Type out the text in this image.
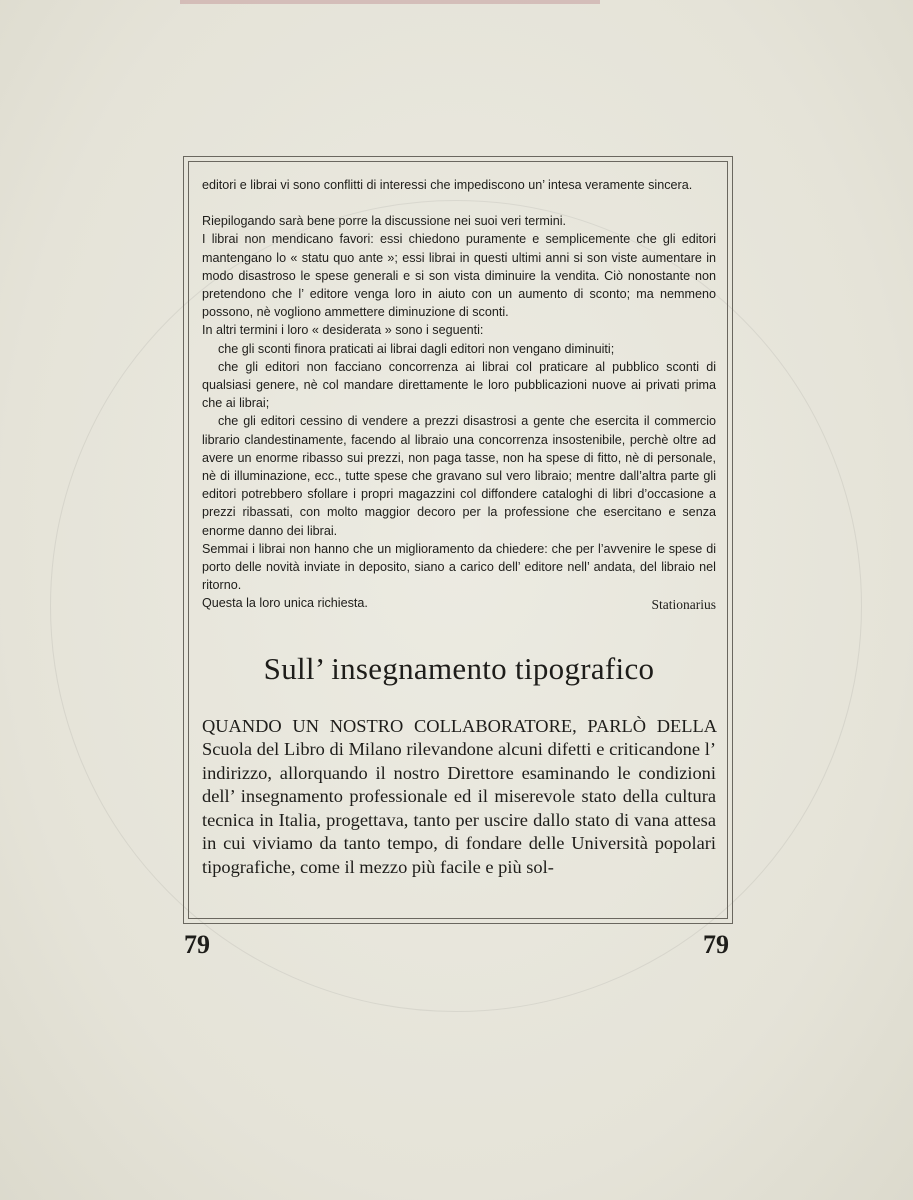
editori e librai vi sono conflitti di interessi che impediscono un’ intesa veramente sincera.

Riepilogando sarà bene porre la discussione nei suoi veri termini.

I librai non mendicano favori: essi chiedono puramente e semplicemente che gli editori mantengano lo « statu quo ante »; essi librai in questi ultimi anni si son viste aumentare in modo disastroso le spese generali e si son vista diminuire la vendita. Ciò nonostante non pretendono che l’ editore venga loro in aiuto con un aumento di sconto; ma nemmeno possono, nè vogliono ammettere diminuzione di sconti.

In altri termini i loro « desiderata » sono i seguenti:

che gli sconti finora praticati ai librai dagli editori non vengano diminuiti;

che gli editori non facciano concorrenza ai librai col praticare al pubblico sconti di qualsiasi genere, nè col mandare direttamente le loro pubblicazioni nuove ai privati prima che ai librai;

che gli editori cessino di vendere a prezzi disastrosi a gente che esercita il commercio librario clandestinamente, facendo al libraio una concorrenza insostenibile, perchè oltre ad avere un enorme ribasso sui prezzi, non paga tasse, non ha spese di fitto, nè di personale, nè di illuminazione, ecc., tutte spese che gravano sul vero libraio; mentre dall’altra parte gli editori potrebbero sfollare i propri magazzini col diffondere cataloghi di libri d’occasione a prezzi ribassati, con molto maggior decoro per la professione che esercitano e senza enorme danno dei librai.

Semmai i librai non hanno che un miglioramento da chiedere: che per l’avvenire le spese di porto delle novità inviate in deposito, siano a carico dell’ editore nell’ andata, del libraio nel ritorno.

Questa la loro unica richiesta.	Stationarius
Sull’ insegnamento tipografico

QUANDO UN NOSTRO COLLABORATORE, PARLÒ DELLA Scuola del Libro di Milano rilevandone alcuni difetti e criticandone l’ indirizzo, allorquando il nostro Direttore esaminando le condizioni dell’ insegnamento professionale ed il miserevole stato della cultura tecnica in Italia, progettava, tanto per uscire dallo stato di vana attesa in cui viviamo da tanto tempo, di fondare delle Università popolari tipografiche, come il mezzo più facile e più sol-

79	79
